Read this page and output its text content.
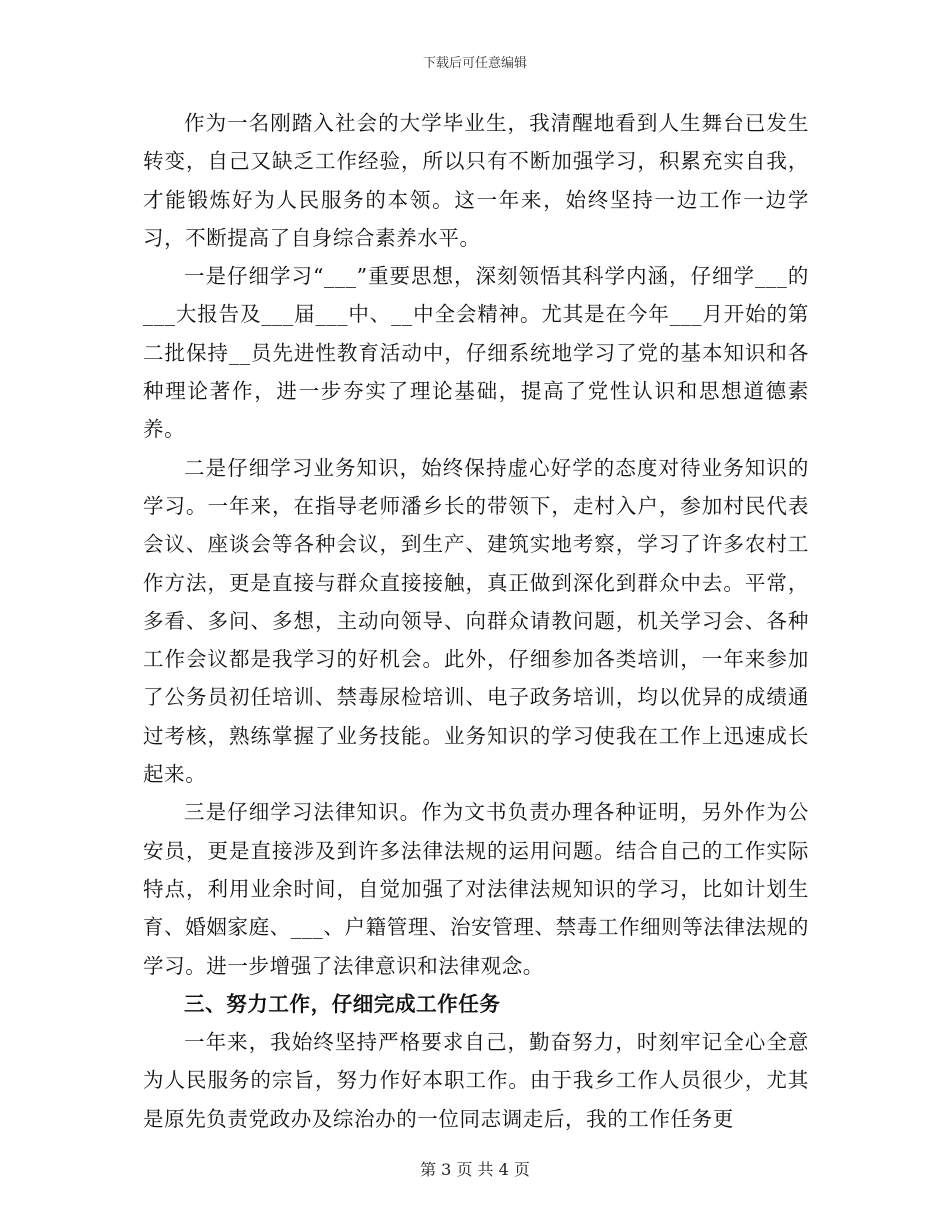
下载后可任意编辑

作为一名刚踏入社会的大学毕业生，我清醒地看到人生舞台已发生转变，自己又缺乏工作经验，所以只有不断加强学习，积累充实自我，才能锻炼好为人民服务的本领。这一年来，始终坚持一边工作一边学习，不断提高了自身综合素养水平。

一是仔细学习“___”重要思想，深刻领悟其科学内涵，仔细学___的___大报告及___届___中、__中全会精神。尤其是在今年___月开始的第二批保持__员先进性教育活动中，仔细系统地学习了党的基本知识和各种理论著作，进一步夯实了理论基础，提高了党性认识和思想道德素养。

二是仔细学习业务知识，始终保持虚心好学的态度对待业务知识的学习。一年来，在指导老师潘乡长的带领下，走村入户，参加村民代表会议、座谈会等各种会议，到生产、建筑实地考察，学习了许多农村工作方法，更是直接与群众直接接触，真正做到深化到群众中去。平常，多看、多问、多想，主动向领导、向群众请教问题，机关学习会、各种工作会议都是我学习的好机会。此外，仔细参加各类培训，一年来参加了公务员初任培训、禁毒尿检培训、电子政务培训，均以优异的成绩通过考核，熟练掌握了业务技能。业务知识的学习使我在工作上迅速成长起来。

三是仔细学习法律知识。作为文书负责办理各种证明，另外作为公安员，更是直接涉及到许多法律法规的运用问题。结合自己的工作实际特点，利用业余时间，自觉加强了对法律法规知识的学习，比如计划生育、婚姻家庭、___、户籍管理、治安管理、禁毒工作细则等法律法规的学习。进一步增强了法律意识和法律观念。

三、努力工作，仔细完成工作任务

一年来，我始终坚持严格要求自己，勤奋努力，时刻牢记全心全意为人民服务的宗旨，努力作好本职工作。由于我乡工作人员很少，尤其是原先负责党政办及综治办的一位同志调走后，我的工作任务更

第 3 页 共 4 页
